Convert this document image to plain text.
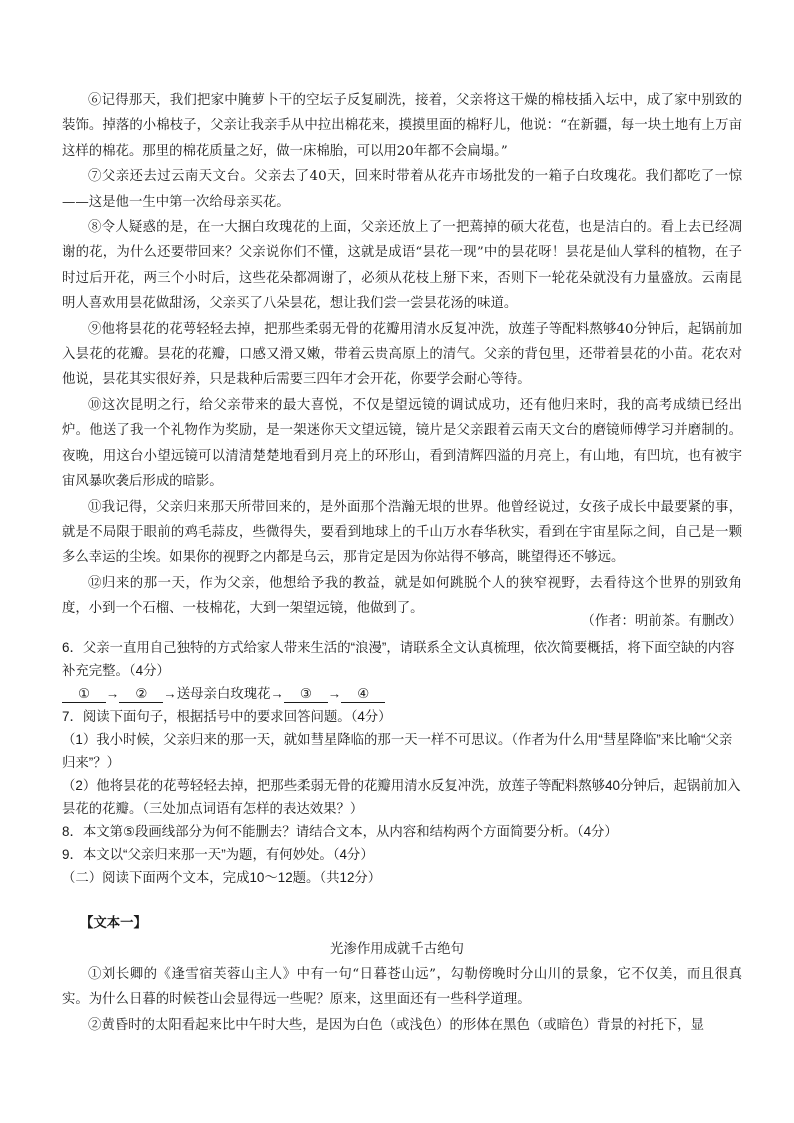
⑥记得那天，我们把家中腌萝卜干的空坛子反复刷洗，接着，父亲将这干燥的棉枝插入坛中，成了家中别致的装饰。掉落的小棉枝子，父亲让我亲手从中拉出棉花来，摸摸里面的棉籽儿，他说：“在新疆，每一块土地有上万亩这样的棉花。那里的棉花质量之好，做一床棉胎，可以用20年都不会扁塌。”

⑦父亲还去过云南天文台。父亲去了40天，回来时带着从花卉市场批发的一箱子白玫瑰花。我们都吃了一惊——这是他一生中第一次给母亲买花。

⑧令人疑惑的是，在一大捆白玫瑰花的上面，父亲还放上了一把蔫掉的硕大花苞，也是洁白的。看上去已经凋谢的花，为什么还要带回来？父亲说你们不懂，这就是成语“昙花一现”中的昙花呀！昙花是仙人掌科的植物，在子时过后开花，两三个小时后，这些花朵都凋谢了，必须从花枝上掰下来，否则下一轮花朵就没有力量盛放。云南昆明人喜欢用昙花做甜汤，父亲买了八朵昙花，想让我们尝一尝昙花汤的味道。

⑨他将昙花的花萼轻轻去掉，把那些柔弱无骨的花瓣用清水反复冲洗，放莲子等配料熬够40分钟后，起锅前加入昙花的花瓣。昙花的花瓣，口感又滑又嫩，带着云贵高原上的清气。父亲的背包里，还带着昙花的小苗。花农对他说，昙花其实很好养，只是栽种后需要三四年才会开花，你要学会耐心等待。

⑩这次昆明之行，给父亲带来的最大喜悦，不仅是望远镜的调试成功，还有他归来时，我的高考成绩已经出炉。他送了我一个礼物作为奖励，是一架迷你天文望远镜，镜片是父亲跟着云南天文台的磨镜师傅学习并磨制的。夜晚，用这台小望远镜可以清清楚楚地看到月亮上的环形山，看到清辉四溢的月亮上，有山地，有凹坑，也有被宇宙风暴吹袭后形成的暗影。

⑪我记得，父亲归来那天所带回来的，是外面那个浩瀚无垠的世界。他曾经说过，女孩子成长中最要紧的事，就是不局限于眼前的鸡毛蒜皮，些微得失，要看到地球上的千山万水春华秋实，看到在宇宙星际之间，自己是一颗多么幸运的尘埃。如果你的视野之内都是乌云，那肯定是因为你站得不够高，眺望得还不够远。

⑫归来的那一天，作为父亲，他想给予我的教益，就是如何跳脱个人的狭窄视野，去看待这个世界的别致角度，小到一个石榴、一枝棉花，大到一架望远镜，他做到了。

（作者：明前茶。有删改）

6．父亲一直用自己独特的方式给家人带来生活的“浪漫”，请联系全文认真梳理，依次简要概括，将下面空缺的内容补充完整。（4分）

① → ② →送母亲白玫瑰花→ ③ → ④

7．阅读下面句子，根据括号中的要求回答问题。（4分）

（1）我小时候，父亲归来的那一天，就如彗星降临的那一天一样不可思议。（作者为什么用“彗星降临”来比喻“父亲归来”？）

（2）他将昙花的花萼轻轻去掉，把那些柔弱无骨的花瓣用清水反复冲洗，放莲子等配料熬够40分钟后，起锅前加入昙花的花瓣。（三处加点词语有怎样的表达效果？）

8．本文第⑤段画线部分为何不能删去？请结合文本，从内容和结构两个方面简要分析。（4分）

9．本文以“父亲归来那一天”为题，有何妙处。（4分）

（二）阅读下面两个文本，完成10～12题。（共12分）

【文本一】
光渗作用成就千古绝句

①刘长卿的《逢雪宿芙蓉山主人》中有一句“日暮苍山远”，勾勒傍晚时分山川的景象，它不仅美，而且很真实。为什么日暮的时候苍山会显得远一些呢？原来，这里面还有一些科学道理。

②黄昏时的太阳看起来比中午时大些，是因为白色（或浅色）的形体在黑色（或暗色）背景的衬托下，显
